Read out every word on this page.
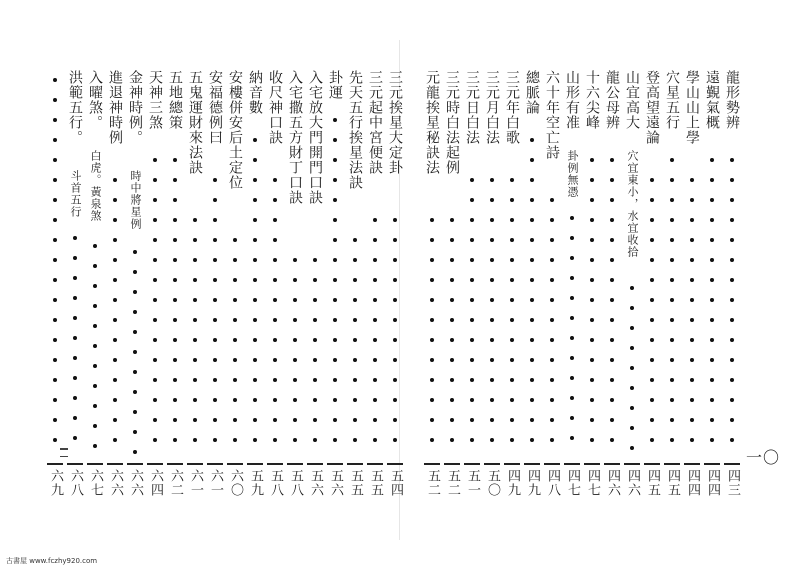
龍形勢辨
四三
遠覲氣概
四四
學山山上學
四四
穴星五行
四五
登高望遠論
四五
山宜高大
穴宜東小，水宜收拾
四六
龍公母辨
四六
十六尖峰
四七
山形有准
卦例無憑
四七
六十年空亡詩
四八
總脈論
四九
三元年白歌
四九
三元月白法
五〇
三元日白法
五一
三元時白法起例
五二
元龍挨星秘訣法
五二
三元挨星大定卦
五四
三元起中宮便訣
五五
先天五行挨星法訣
五五
卦運
五六
入宅放大門開門口訣
五六
入宅撒五方財丁口訣
五八
收尺神口訣
五八
納音數
五九
安樓併安后土定位
六〇
安福德例曰
六一
五鬼運財來法訣
六一
五地總策
六二
天神三煞
六四
金神時例。
時中將星例
六六
進退神時例
六六
入曜煞。
白虎。黃泉煞
六七
洪範五行。
斗首五行
六八
六九
一〇
古書屋 www.fczhy920.com
